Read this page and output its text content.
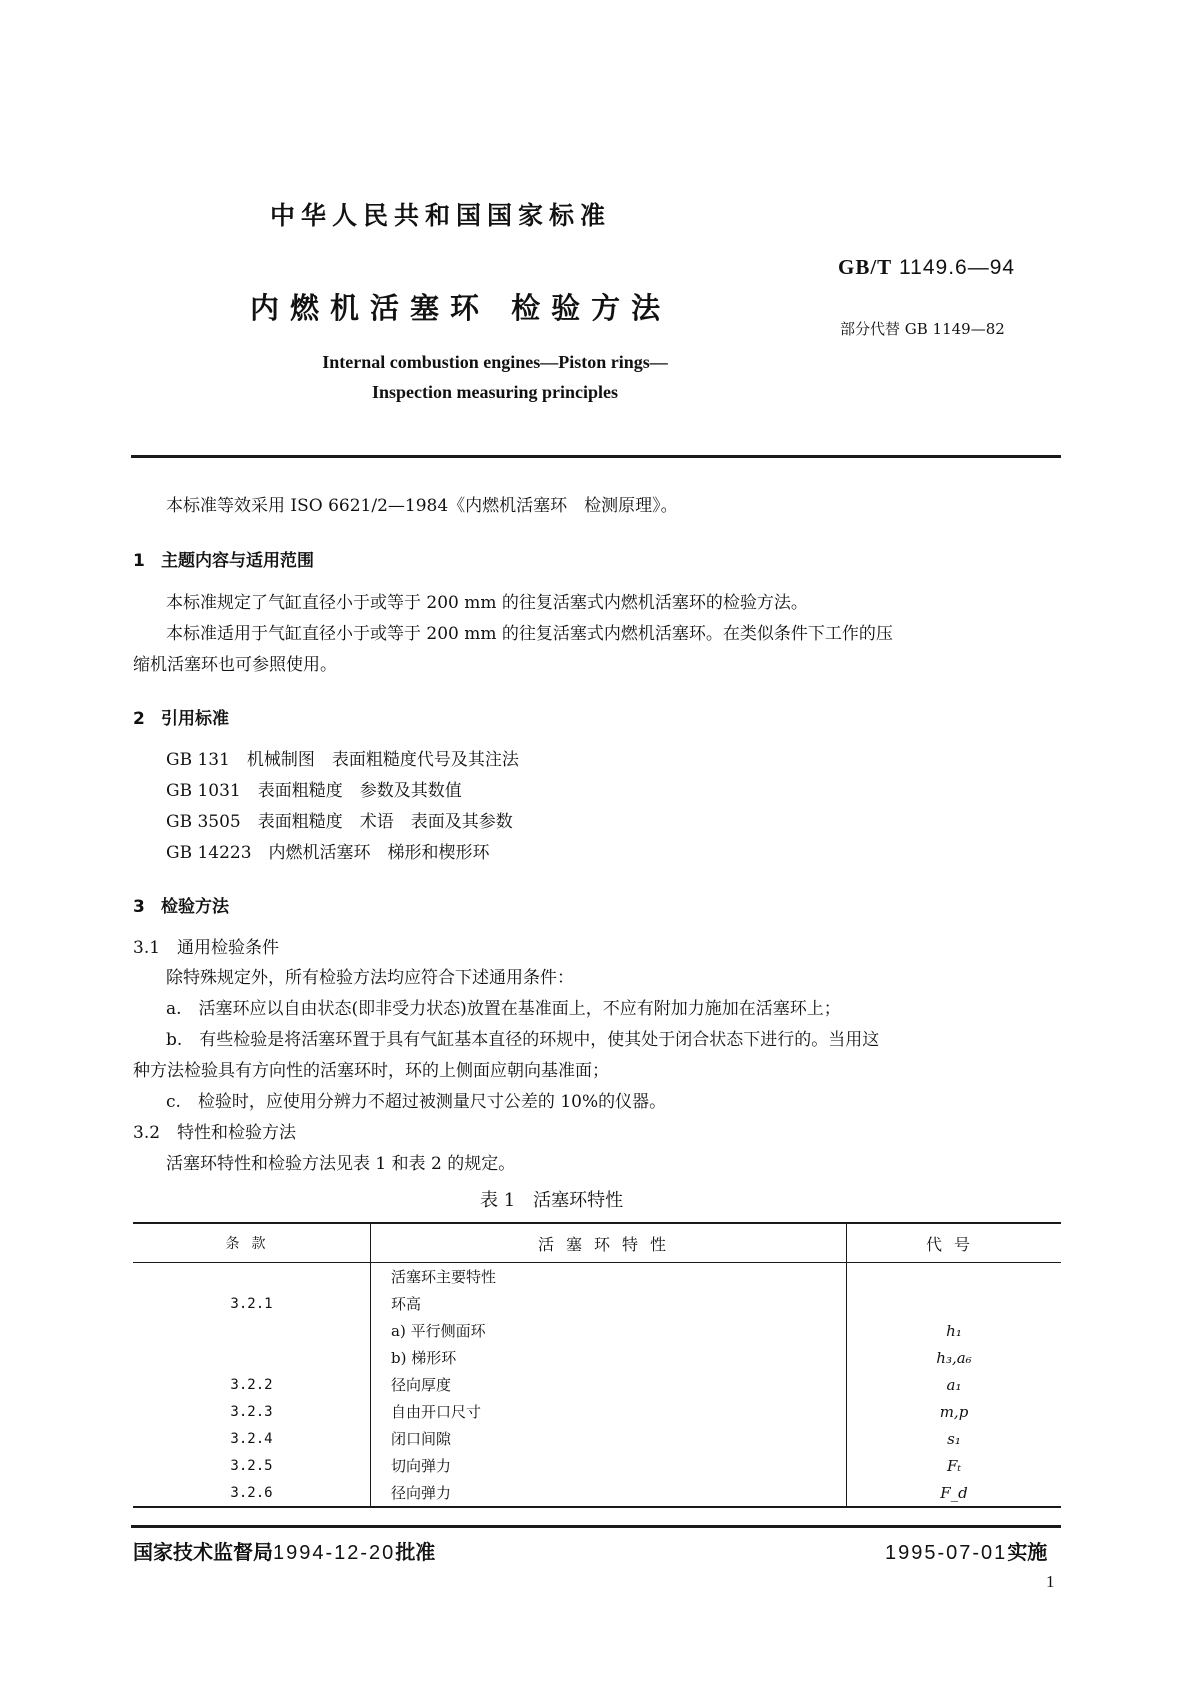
中华人民共和国国家标准
GB/T 1149.6—94
内燃机活塞环 检验方法
部分代替 GB 1149—82
Internal combustion engines—Piston rings—
Inspection measuring principles
本标准等效采用 ISO 6621/2—1984《内燃机活塞环　检测原理》。
1 主题内容与适用范围
本标准规定了气缸直径小于或等于 200 mm 的往复活塞式内燃机活塞环的检验方法。
本标准适用于气缸直径小于或等于 200 mm 的往复活塞式内燃机活塞环。在类似条件下工作的压
缩机活塞环也可参照使用。
2 引用标准
GB 131　机械制图　表面粗糙度代号及其注法
GB 1031　表面粗糙度　参数及其数值
GB 3505　表面粗糙度　术语　表面及其参数
GB 14223　内燃机活塞环　梯形和楔形环
3 检验方法
3.1 通用检验条件
除特殊规定外，所有检验方法均应符合下述通用条件：
a.　活塞环应以自由状态(即非受力状态)放置在基准面上，不应有附加力施加在活塞环上；
b.　有些检验是将活塞环置于具有气缸基本直径的环规中，使其处于闭合状态下进行的。当用这
种方法检验具有方向性的活塞环时，环的上侧面应朝向基准面；
c.　检验时，应使用分辨力不超过被测量尺寸公差的 10%的仪器。
3.2 特性和检验方法
活塞环特性和检验方法见表 1 和表 2 的规定。
表 1　活塞环特性
条款	活塞环特性	代号
	活塞环主要特性	
3.2.1	环高	
	a) 平行侧面环	h₁
	b) 梯形环	h₃,a₆
3.2.2	径向厚度	a₁
3.2.3	自由开口尺寸	m,p
3.2.4	闭口间隙	s₁
3.2.5	切向弹力	Fₜ
3.2.6	径向弹力	F_d
国家技术监督局1994-12-20批准	1995-07-01实施
1
